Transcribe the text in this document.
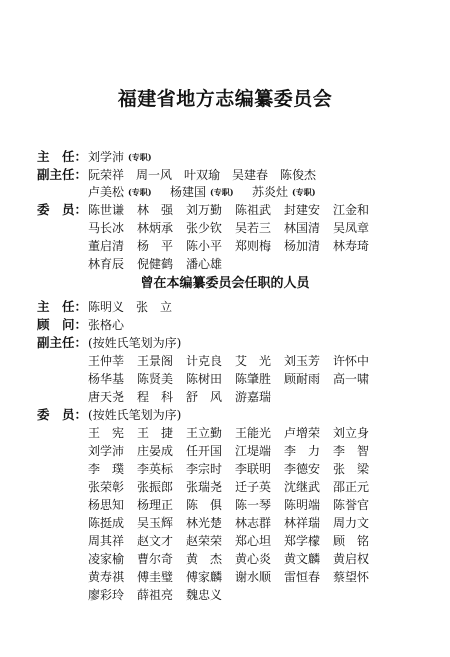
福建省地方志编纂委员会
主　任： 刘学沛 (专职)
副主任： 阮荣祥 周一风 叶双瑜 吴建春 陈俊杰
卢美松 (专职) 杨建国 (专职) 苏炎灶 (专职)
委　员： 陈世谦 林　强 刘万勤 陈祖武 封建安 江金和
马长冰 林炳承 张少钦 吴若三 林国清 吴凤章
董启清 杨　平 陈小平 郑则梅 杨加清 林寿琦
林育辰 倪健鹤 潘心雄
曾在本编纂委员会任职的人员
主　任： 陈明义 张　立
顾　问： 张格心
副主任： (按姓氏笔划为序)
王仲莘 王景阁 计克良 艾　光 刘玉芳 许怀中
杨华基 陈贤美 陈树田 陈肇胜 顾耐雨 高一啸
唐天尧 程　科 舒　风 游嘉瑞
委　员： (按姓氏笔划为序)
王　宪 王　捷 王立勤 王能光 卢增荣 刘立身
刘学沛 庄晏成 任开国 江堤端 李　力 李　智
李　璞 李英标 李宗时 李联明 李德安 张　梁
张荣彰 张振郎 张瑞尧 迁子英 沈继武 邵正元
杨思知 杨理正 陈　俱 陈一琴 陈明端 陈誉官
陈挺成 吴玉辉 林光楚 林志群 林祥瑞 周力文
周其祥 赵文才 赵荣荣 郑心坦 郑学檬 顾　铭
凌家榆 曹尔奇 黄　杰 黄心炎 黄文麟 黄启权
黄寿祺 傅圭璧 傅家麟 谢水顺 雷恒春 蔡望怀
廖彩玲 薛祖亮 魏忠义
